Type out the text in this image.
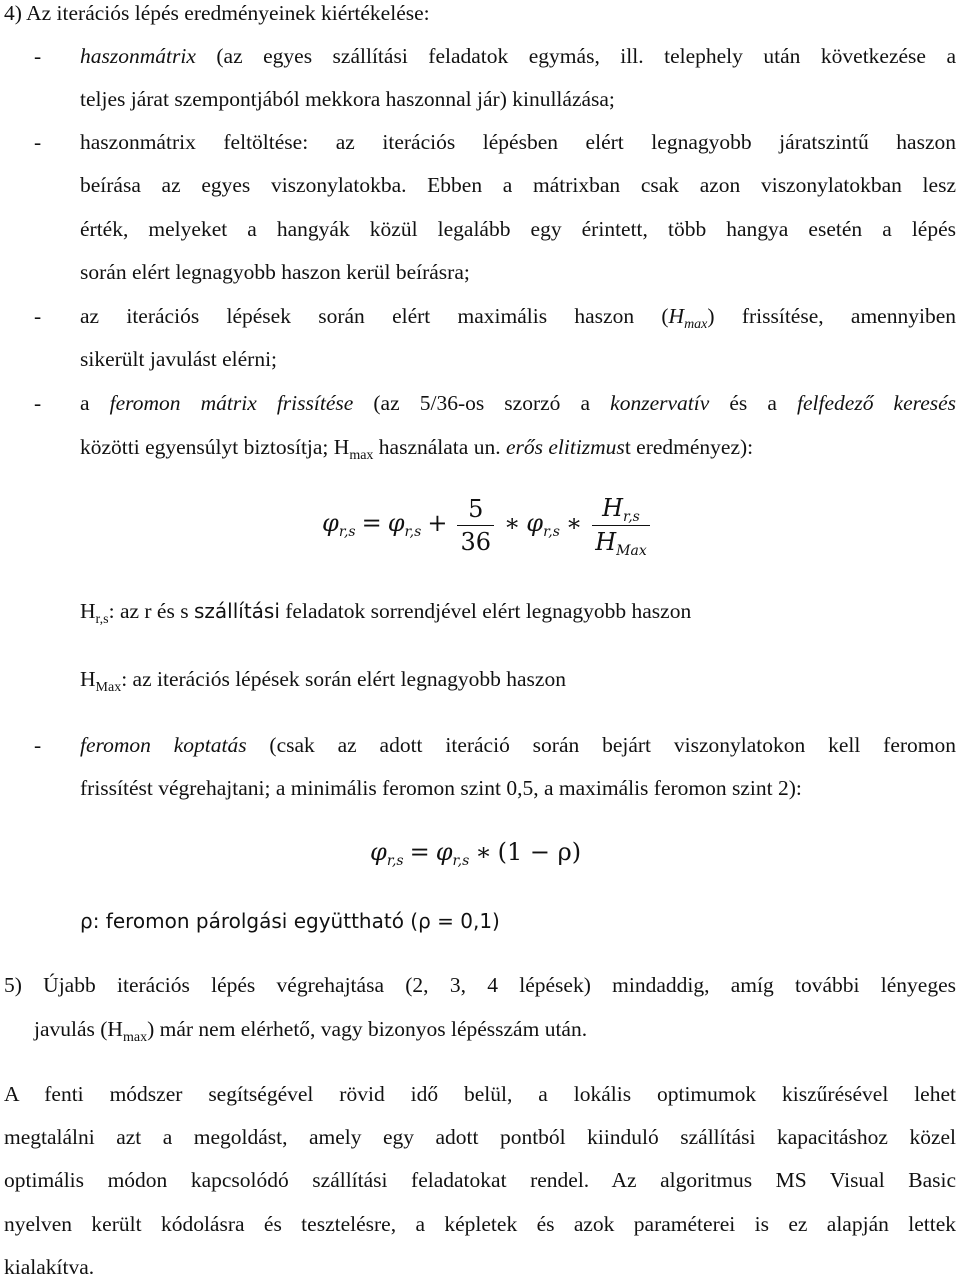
4) Az iterációs lépés eredményeinek kiértékelése:
- haszonmátrix (az egyes szállítási feladatok egymás, ill. telephely után következése a
teljes járat szempontjából mekkora haszonnal jár) kinullázása;
- haszonmátrix feltöltése: az iterációs lépésben elért legnagyobb járatszintű haszon
beírása az egyes viszonylatokba. Ebben a mátrixban csak azon viszonylatokban lesz
érték, melyeket a hangyák közül legalább egy érintett, több hangya esetén a lépés
során elért legnagyobb haszon kerül beírásra;
- az iterációs lépések során elért maximális haszon $(H_{max})$ frissítése, amennyiben
sikerült javulást elérni;
- a feromon mátrix frissítése (az 5/36-os szorzó a konzervatív és a felfedező keresés
közötti egyensúlyt biztosítja; $H_{max}$ használata un. erős elitizmust eredményez):
$\varphi_{r,s} = \varphi_{r,s} + \frac{5}{36}$ ∗ $\varphi_{r,s}$ ∗ $\frac{H_{r,s}}{H_{Max}}$
$H_{r,s}$: az r és s szállítási feladatok sorrendjével elért legnagyobb haszon
$H_{Max}$: az iterációs lépések során elért legnagyobb haszon
- feromon koptatás (csak az adott iteráció során bejárt viszonylatokon kell feromon
frissítést végrehajtani; a minimális feromon szint 0,5, a maximális feromon szint 2):
$\varphi_{r,s} = \varphi_{r,s}$ ∗ (1 − ρ)
ρ: feromon párolgási együttható (ρ = 0,1)
5) Újabb iterációs lépés végrehajtása (2, 3, 4 lépések) mindaddig, amíg további lényeges
javulás $(H_{max})$ már nem elérhető, vagy bizonyos lépésszám után.
A fenti módszer segítségével rövid idő belül, a lokális optimumok kiszűrésével lehet
megtalálni azt a megoldást, amely egy adott pontból kiinduló szállítási kapacitáshoz közel
optimális módon kapcsolódó szállítási feladatokat rendel. Az algoritmus MS Visual Basic
nyelven került kódolásra és tesztelésre, a képletek és azok paraméterei is ez alapján lettek
kialakítva.
